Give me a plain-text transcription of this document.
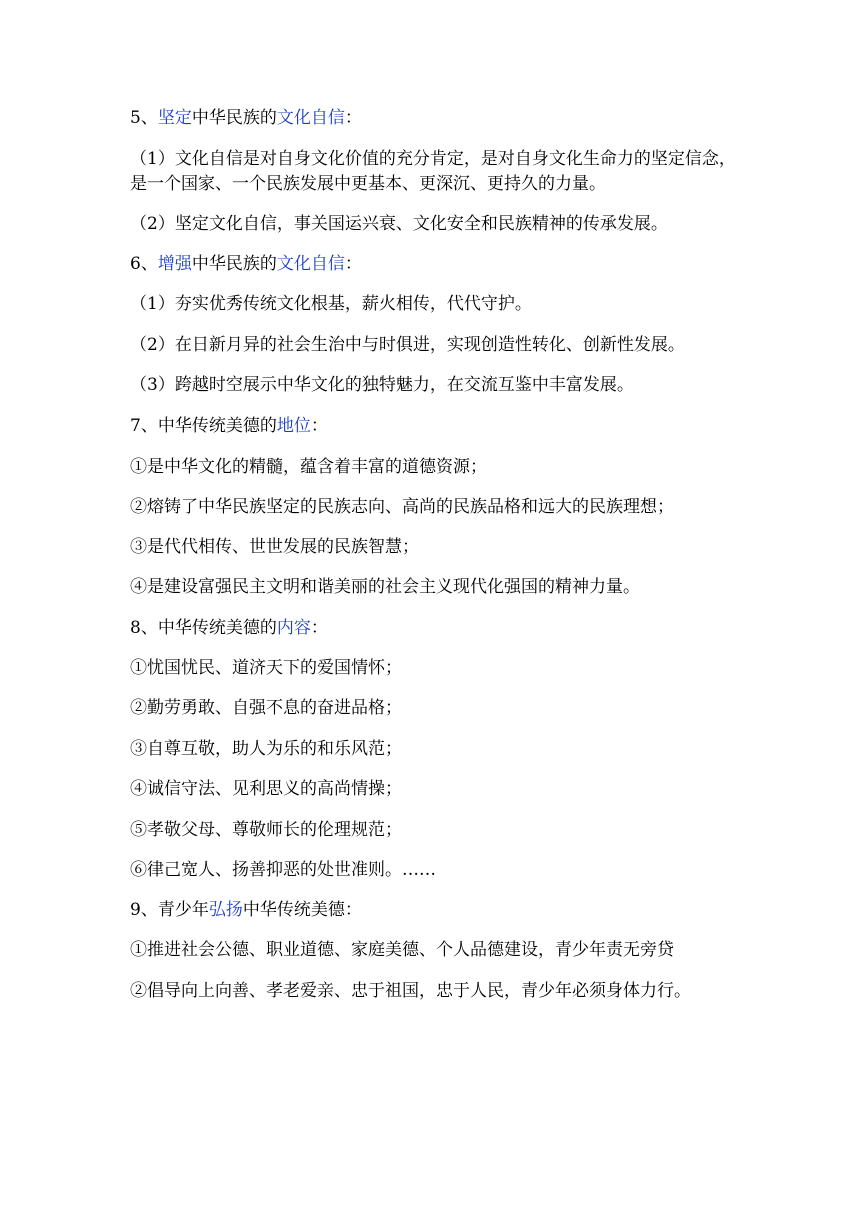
5、坚定中华民族的文化自信：
（1）文化自信是对自身文化价值的充分肯定，是对自身文化生命力的坚定信念，
是一个国家、一个民族发展中更基本、更深沉、更持久的力量。
（2）坚定文化自信，事关国运兴衰、文化安全和民族精神的传承发展。
6、增强中华民族的文化自信：
（1）夯实优秀传统文化根基，薪火相传，代代守护。
（2）在日新月异的社会生治中与时俱进，实现创造性转化、创新性发展。
（3）跨越时空展示中华文化的独特魅力，在交流互鉴中丰富发展。
7、中华传统美德的地位：
①是中华文化的精髓，蕴含着丰富的道德资源；
②熔铸了中华民族坚定的民族志向、高尚的民族品格和远大的民族理想；
③是代代相传、世世发展的民族智慧；
④是建设富强民主文明和谐美丽的社会主义现代化强国的精神力量。
8、中华传统美德的内容：
①忧国忧民、道济天下的爱国情怀；
②勤劳勇敢、自强不息的奋进品格；
③自尊互敬，助人为乐的和乐风范；
④诚信守法、见利思义的高尚情操；
⑤孝敬父母、尊敬师长的伦理规范；
⑥律己宽人、扬善抑恶的处世准则。……
9、青少年弘扬中华传统美德：
①推进社会公德、职业道德、家庭美德、个人品德建设，青少年责无旁贷
②倡导向上向善、孝老爱亲、忠于祖国，忠于人民，青少年必须身体力行。
